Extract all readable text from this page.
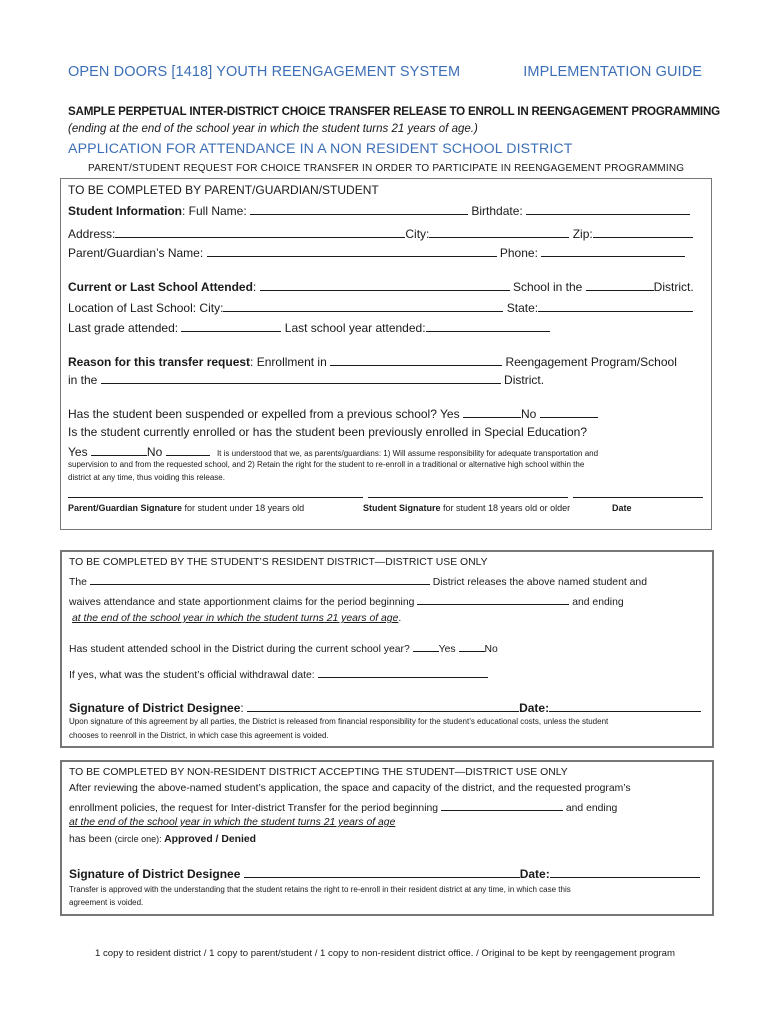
OPEN DOORS [1418] YOUTH REENGAGEMENT SYSTEM	IMPLEMENTATION GUIDE
SAMPLE PERPETUAL INTER-DISTRICT CHOICE TRANSFER RELEASE TO ENROLL IN REENGAGEMENT PROGRAMMING
(ending at the end of the school year in which the student turns 21 years of age.)
APPLICATION FOR ATTENDANCE IN A NON RESIDENT SCHOOL DISTRICT
PARENT/STUDENT REQUEST FOR CHOICE TRANSFER IN ORDER TO PARTICIPATE IN REENGAGEMENT PROGRAMMING
TO BE COMPLETED BY PARENT/GUARDIAN/STUDENT
Student Information: Full Name:	Birthdate:
Address:	City:	Zip:
Parent/Guardian’s Name:	Phone:
Current or Last School Attended:	School in the	District.
Location of Last School: City:	State:
Last grade attended:	Last school year attended:
Reason for this transfer request: Enrollment in	Reengagement Program/School
in the	District.
Has the student been suspended or expelled from a previous school? Yes	No
Is the student currently enrolled or has the student been previously enrolled in Special Education?
Yes	No	It is understood that we, as parents/guardians: 1) Will assume responsibility for adequate transportation and
supervision to and from the requested school, and 2) Retain the right for the student to re-enroll in a traditional or alternative high school within the
district at any time, thus voiding this release.
Parent/Guardian Signature for student under 18 years old	Student Signature for student 18 years old or older	Date
TO BE COMPLETED BY THE STUDENT’S RESIDENT DISTRICT—DISTRICT USE ONLY
The	District releases the above named student and
waives attendance and state apportionment claims for the period beginning	and ending
at the end of the school year in which the student turns 21 years of age.
Has student attended school in the District during the current school year?	Yes	No
If yes, what was the student’s official withdrawal date:
Signature of District Designee:	Date:
Upon signature of this agreement by all parties, the District is released from financial responsibility for the student’s educational costs, unless the student
chooses to reenroll in the District, in which case this agreement is voided.
TO BE COMPLETED BY NON-RESIDENT DISTRICT ACCEPTING THE STUDENT—DISTRICT USE ONLY
After reviewing the above-named student’s application, the space and capacity of the district, and the requested program’s
enrollment policies, the request for Inter-district Transfer for the period beginning	and ending
at the end of the school year in which the student turns 21 years of age
has been (circle one): Approved / Denied
Signature of District Designee	Date:
Transfer is approved with the understanding that the student retains the right to re-enroll in their resident district at any time, in which case this
agreement is voided.
1 copy to resident district / 1 copy to parent/student / 1 copy to non-resident district office. / Original to be kept by reengagement program
